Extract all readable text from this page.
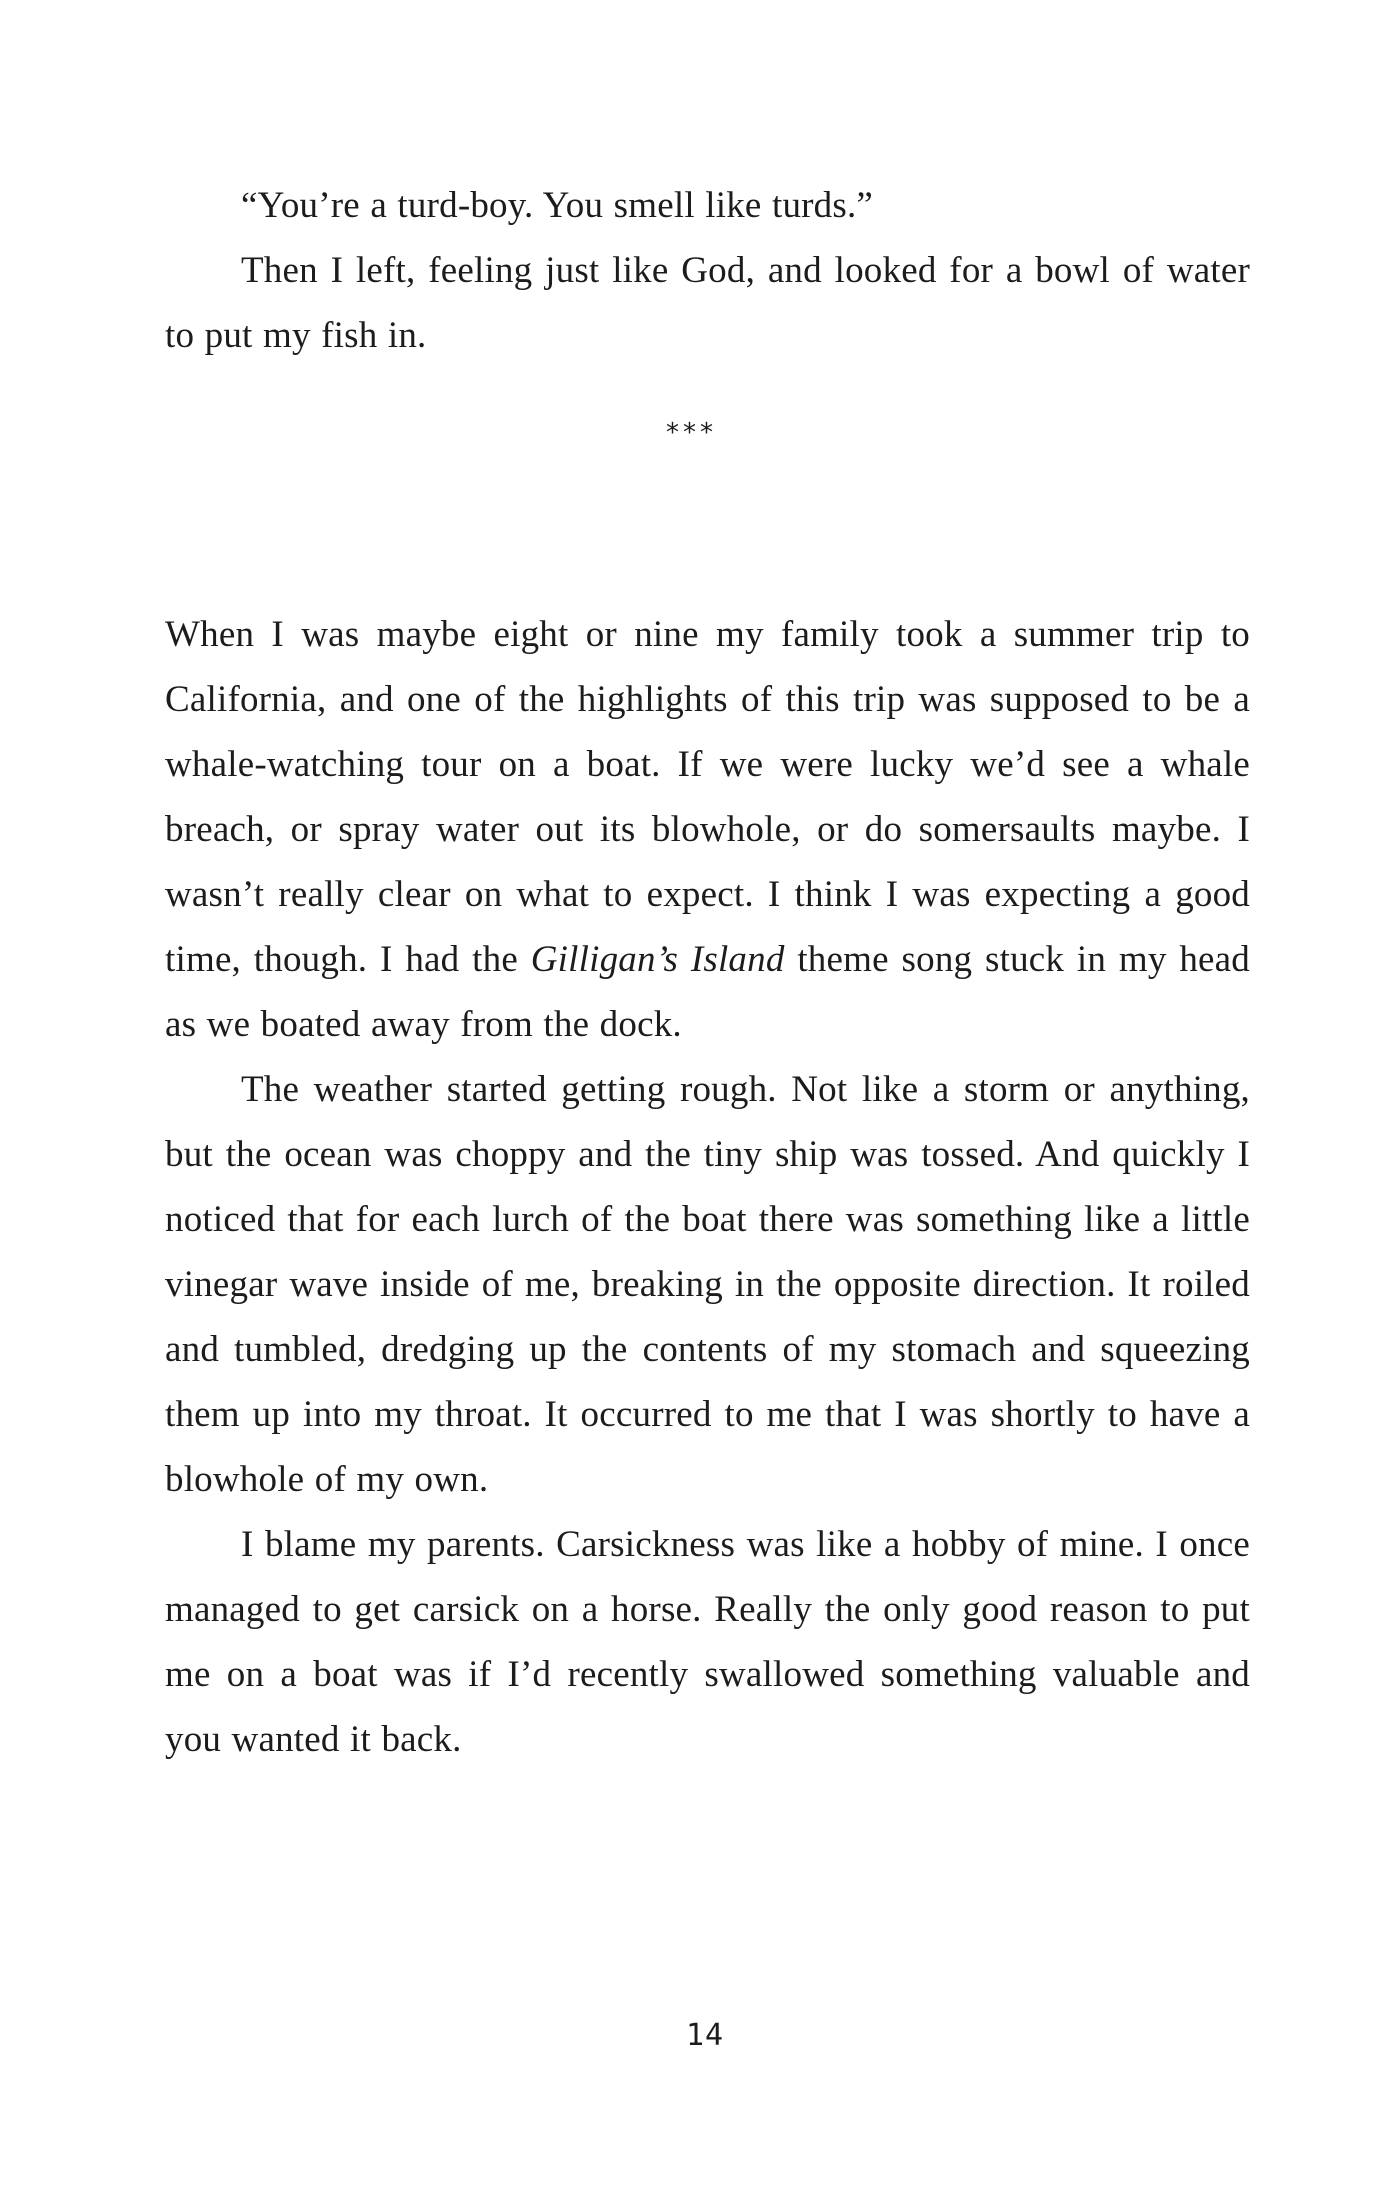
“You’re a turd-boy. You smell like turds.”

Then I left, feeling just like God, and looked for a bowl of water to put my fish in.

***

When I was maybe eight or nine my family took a summer trip to California, and one of the highlights of this trip was supposed to be a whale-watching tour on a boat. If we were lucky we’d see a whale breach, or spray water out its blowhole, or do somersaults maybe. I wasn’t really clear on what to expect. I think I was expecting a good time, though. I had the Gilligan’s Island theme song stuck in my head as we boated away from the dock.

The weather started getting rough. Not like a storm or anything, but the ocean was choppy and the tiny ship was tossed. And quickly I noticed that for each lurch of the boat there was something like a little vinegar wave inside of me, breaking in the opposite direction. It roiled and tumbled, dredging up the contents of my stomach and squeezing them up into my throat. It occurred to me that I was shortly to have a blowhole of my own.

I blame my parents. Carsickness was like a hobby of mine. I once managed to get carsick on a horse. Really the only good reason to put me on a boat was if I’d recently swallowed something valuable and you wanted it back.

14
